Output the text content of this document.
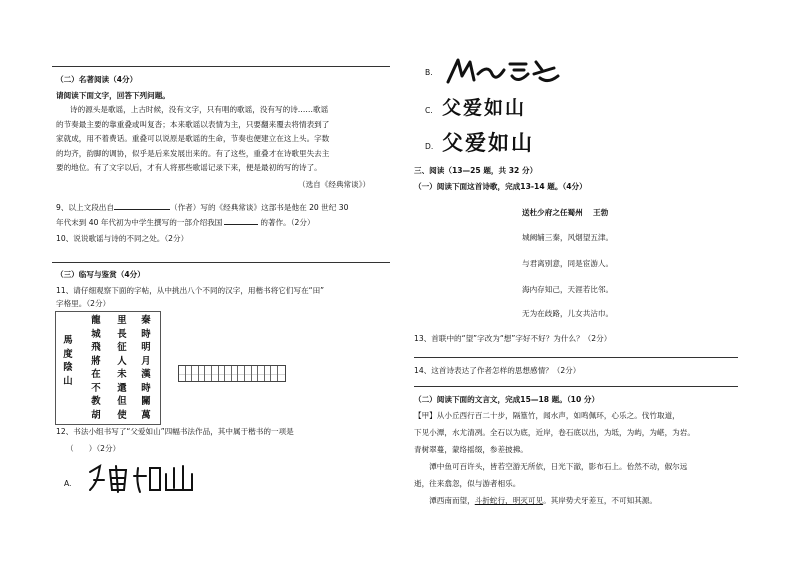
（二）名著阅读（4分）
请阅读下面文字，回答下列问题。
诗的源头是歌谣，上古时候，没有文字，只有唱的歌谣，没有写的诗……歌谣
的节奏最主要的靠重叠或叫复沓；本来歌谣以表情为主，只要翻来覆去将情表到了
家就成，用不着费话。重叠可以说原是歌谣的生命，节奏也便建立在这上头。字数
的均齐，韵脚的调协，似乎是后来发展出来的。有了这些，重叠才在诗歌里失去主
要的地位。有了文字以后，才有人将那些歌谣记录下来，便是最初的写的诗了。
（选自《经典常谈》）
9、以上文段出自	（作者）写的《经典常谈》这部书是他在 20 世纪 30
年代末到 40 年代初为中学生撰写的一部介绍我国	的著作。（2分）
10、说说歌谣与诗的不同之处。（2分）
（三）临写与鉴赏（4分）
11、请仔细观察下面的字帖，从中挑出八个不同的汉字，用楷书将它们写在“田”
字格里。（2分）
秦時明月漢時關萬
里長征人未還但使
龍城飛將在不教胡
馬度陰山
12、书法小组书写了“父爱如山”四幅书法作品，其中属于楷书的一项是
（　　）（2分）
A.
B.
C. 父爱如山
D. 父爱如山
三、阅读（13—25 题，共 32 分）
（一）阅读下面这首诗歌，完成13-14 题。（4分）
送杜少府之任蜀州　 王勃
城阙辅三秦，风烟望五津。
与君离别意，同是宦游人。
海内存知己，天涯若比邻。
无为在歧路，儿女共沾巾。
13、首联中的“望”字改为“想”字好不好？为什么？（2分）
14、这首诗表达了作者怎样的思想感情？（2分）
（二）阅读下面的文言文，完成15—18 题。（10 分）
【甲】从小丘西行百二十步，隔篁竹，闻水声，如鸣佩环，心乐之。伐竹取道，
下见小潭，水尤清冽。全石以为底，近岸，卷石底以出，为坻，为屿，为嵁，为岩。
青树翠蔓，蒙络摇缀，参差披拂。
　　潭中鱼可百许头，皆若空游无所依，日光下澈，影布石上。佁然不动，俶尔远
逝，往来翕忽，似与游者相乐。
　　潭西南而望，斗折蛇行，明灭可见。其岸势犬牙差互，不可知其源。
